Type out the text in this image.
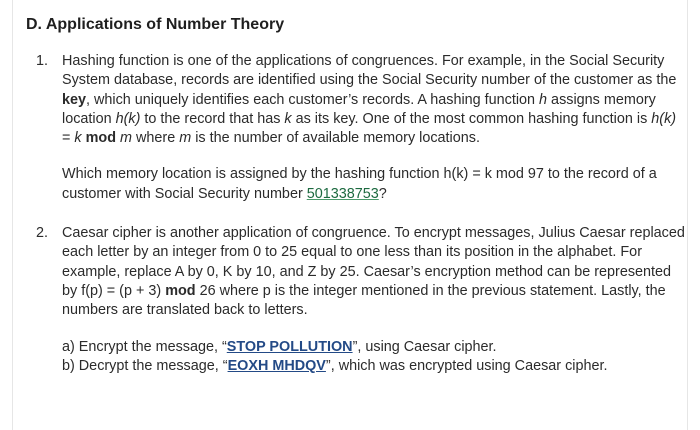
D. Applications of Number Theory
1. Hashing function is one of the applications of congruences. For example, in the Social Security System database, records are identified using the Social Security number of the customer as the key, which uniquely identifies each customer’s records. A hashing function h assigns memory location h(k) to the record that has k as its key. One of the most common hashing function is h(k) = k mod m where m is the number of available memory locations.

Which memory location is assigned by the hashing function h(k) = k mod 97 to the record of a customer with Social Security number 501338753?

2. Caesar cipher is another application of congruence. To encrypt messages, Julius Caesar replaced each letter by an integer from 0 to 25 equal to one less than its position in the alphabet. For example, replace A by 0, K by 10, and Z by 25. Caesar’s encryption method can be represented by f(p) = (p + 3) mod 26 where p is the integer mentioned in the previous statement. Lastly, the numbers are translated back to letters.

a) Encrypt the message, “STOP POLLUTION”, using Caesar cipher.
b) Decrypt the message, “EOXH MHDQV”, which was encrypted using Caesar cipher.
